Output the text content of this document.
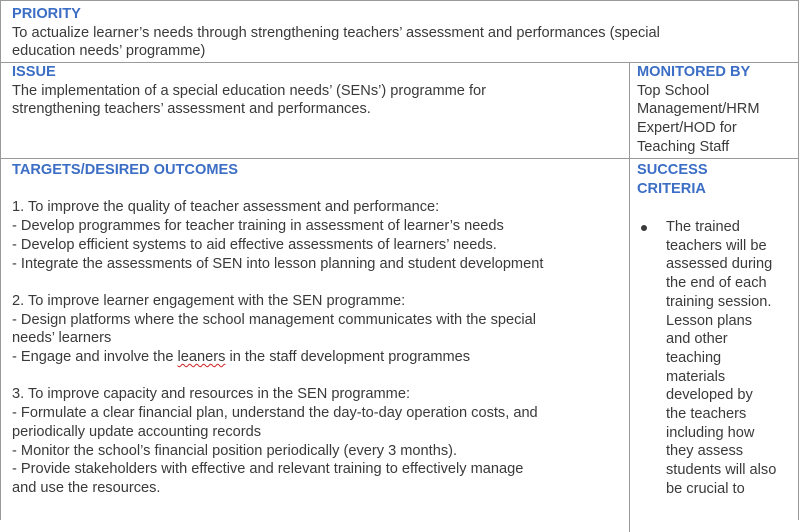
PRIORITY
To actualize learner’s needs through strengthening teachers’ assessment and performances (special
education needs’ programme)
ISSUE
The implementation of a special education needs’ (SENs’) programme for
strengthening teachers’ assessment and performances.
MONITORED BY
Top School
Management/HRM
Expert/HOD for
Teaching Staff
TARGETS/DESIRED OUTCOMES

1. To improve the quality of teacher assessment and performance:

- Develop programmes for teacher training in assessment of learner’s needs

- Develop efficient systems to aid effective assessments of learners’ needs.

- Integrate the assessments of SEN into lesson planning and student development

2. To improve learner engagement with the SEN programme:

- Design platforms where the school management communicates with the special

needs’ learners

- Engage and involve the leaners in the staff development programmes

3. To improve capacity and resources in the SEN programme:

- Formulate a clear financial plan, understand the day-to-day operation costs, and

periodically update accounting records

- Monitor the school’s financial position periodically (every 3 months).

- Provide stakeholders with effective and relevant training to effectively manage

and use the resources.

SUCCESS
CRITERIA
The trained
teachers will be
assessed during
the end of each
training session.
Lesson plans
and other
teaching
materials
developed by
the teachers
including how
they assess
students will also
be crucial to
